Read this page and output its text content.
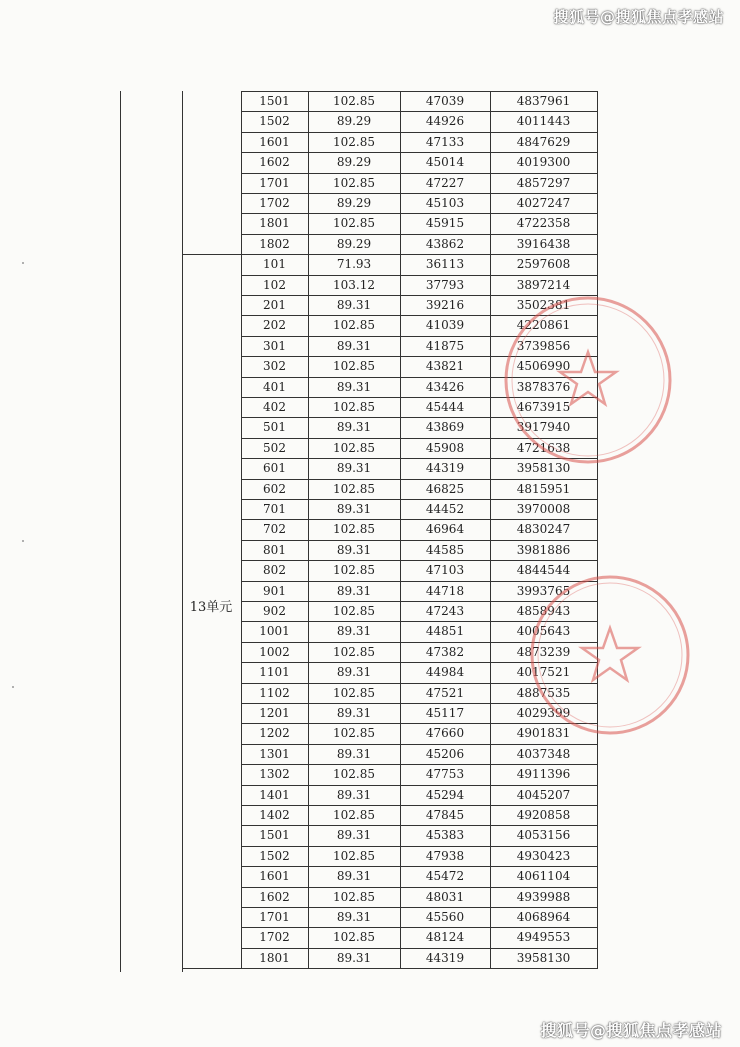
搜狐号@搜狐焦点孝感站
1501	102.85	47039	4837961
1502	89.29	44926	4011443
1601	102.85	47133	4847629
1602	89.29	45014	4019300
1701	102.85	47227	4857297
1702	89.29	45103	4027247
1801	102.85	45915	4722358
1802	89.29	43862	3916438
101	71.93	36113	2597608
102	103.12	37793	3897214
201	89.31	39216	3502381
202	102.85	41039	4220861
301	89.31	41875	3739856
302	102.85	43821	4506990
401	89.31	43426	3878376
402	102.85	45444	4673915
501	89.31	43869	3917940
502	102.85	45908	4721638
601	89.31	44319	3958130
602	102.85	46825	4815951
701	89.31	44452	3970008
702	102.85	46964	4830247
801	89.31	44585	3981886
802	102.85	47103	4844544
901	89.31	44718	3993765
902	102.85	47243	4858943
1001	89.31	44851	4005643
1002	102.85	47382	4873239
1101	89.31	44984	4017521
1102	102.85	47521	4887535
1201	89.31	45117	4029399
1202	102.85	47660	4901831
1301	89.31	45206	4037348
1302	102.85	47753	4911396
1401	89.31	45294	4045207
1402	102.85	47845	4920858
1501	89.31	45383	4053156
1502	102.85	47938	4930423
1601	89.31	45472	4061104
1602	102.85	48031	4939988
1701	89.31	45560	4068964
1702	102.85	48124	4949553
1801	89.31	44319	3958130
13单元
搜狐号@搜狐焦点孝感站
